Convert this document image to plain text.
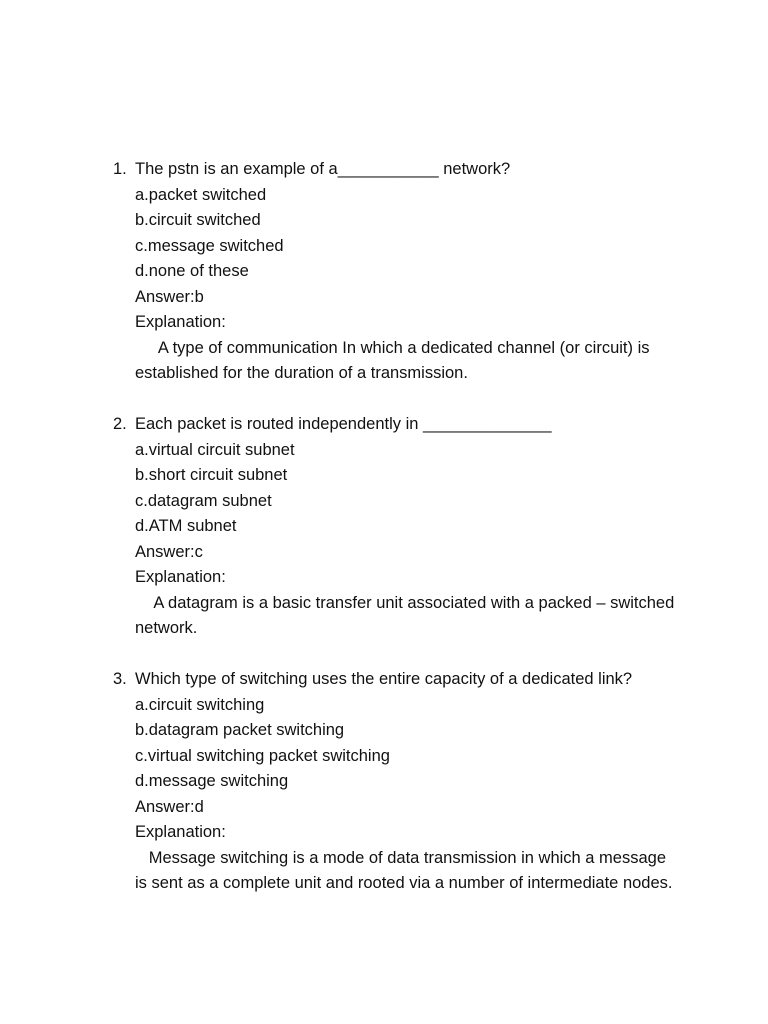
1. The pstn is an example of a___________ network?
a.packet switched
b.circuit switched
c.message switched
d.none of these
Answer:b
Explanation:
A type of communication In which a dedicated channel (or circuit) is established for the duration of a transmission.
2. Each packet is routed independently in ______________
a.virtual circuit subnet
b.short circuit subnet
c.datagram subnet
d.ATM subnet
Answer:c
Explanation:
A datagram is a basic transfer unit associated with a packed – switched network.
3. Which type of switching uses the entire capacity of a dedicated link?
a.circuit switching
b.datagram packet switching
c.virtual switching packet switching
d.message switching
Answer:d
Explanation:
Message switching is a mode of data transmission in which a message is sent as a complete unit and rooted via a number of intermediate nodes.
